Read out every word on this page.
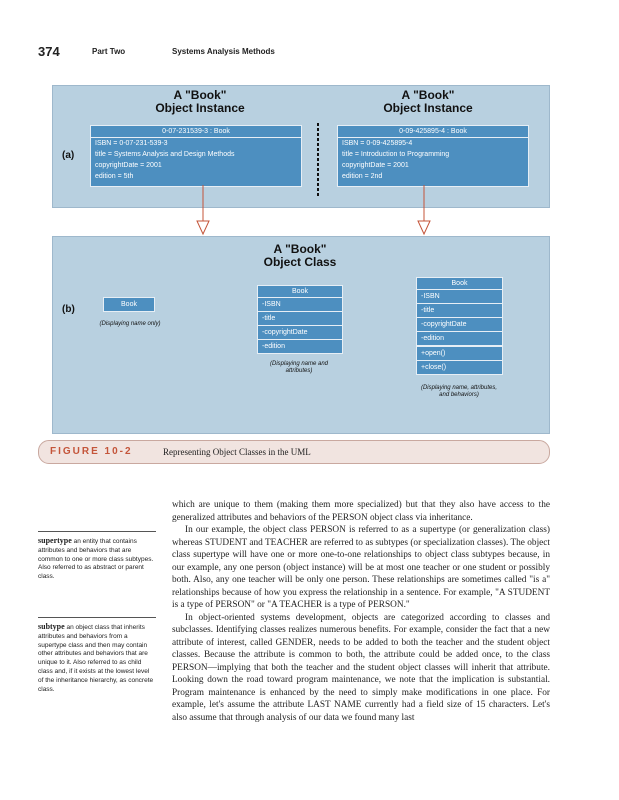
374	Part Two	Systems Analysis Methods
(a)
A "Book"
Object Instance
0-07-231539-3 : Book
ISBN = 0-07-231-539-3
title = Systems Analysis and Design Methods
copyrightDate = 2001
edition = 5th
A "Book"
Object Instance
0-09-425895-4 : Book
ISBN = 0-09-425895-4
title = Introduction to Programming
copyrightDate = 2001
edition = 2nd
(b)
A "Book"
Object Class
Book
(Displaying name only)
Book
-ISBN
-title
-copyrightDate
-edition
(Displaying name and attributes)
Book
-ISBN
-title
-copyrightDate
-edition
+open()
+close()
(Displaying name, attributes, and behaviors)
FIGURE 10-2	Representing Object Classes in the UML
supertype an entity that contains attributes and behaviors that are common to one or more class subtypes. Also referred to as abstract or parent class.
subtype an object class that inherits attributes and behaviors from a supertype class and then may contain other attributes and behaviors that are unique to it. Also referred to as child class and, if it exists at the lowest level of the inheritance hierarchy, as concrete class.

which are unique to them (making them more specialized) but that they also have access to the generalized attributes and behaviors of the PERSON object class via inheritance.

In our example, the object class PERSON is referred to as a supertype (or generalization class) whereas STUDENT and TEACHER are referred to as subtypes (or specialization classes). The object class supertype will have one or more one-to-one relationships to object class subtypes because, in our example, any one person (object instance) will be at most one teacher or one student or possibly both. Also, any one teacher will be only one person. These relationships are sometimes called "is a" relationships because of how you express the relationship in a sentence. For example, "A STUDENT is a type of PERSON" or "A TEACHER is a type of PERSON."

In object-oriented systems development, objects are categorized according to classes and subclasses. Identifying classes realizes numerous benefits. For example, consider the fact that a new attribute of interest, called GENDER, needs to be added to both the teacher and the student object classes. Because the attribute is common to both, the attribute could be added once, to the class PERSON—implying that both the teacher and the student object classes will inherit that attribute. Looking down the road toward program maintenance, we note that the implication is substantial. Program maintenance is enhanced by the need to simply make modifications in one place. For example, let's assume the attribute LAST NAME currently had a field size of 15 characters. Let's also assume that through analysis of our data we found many last
